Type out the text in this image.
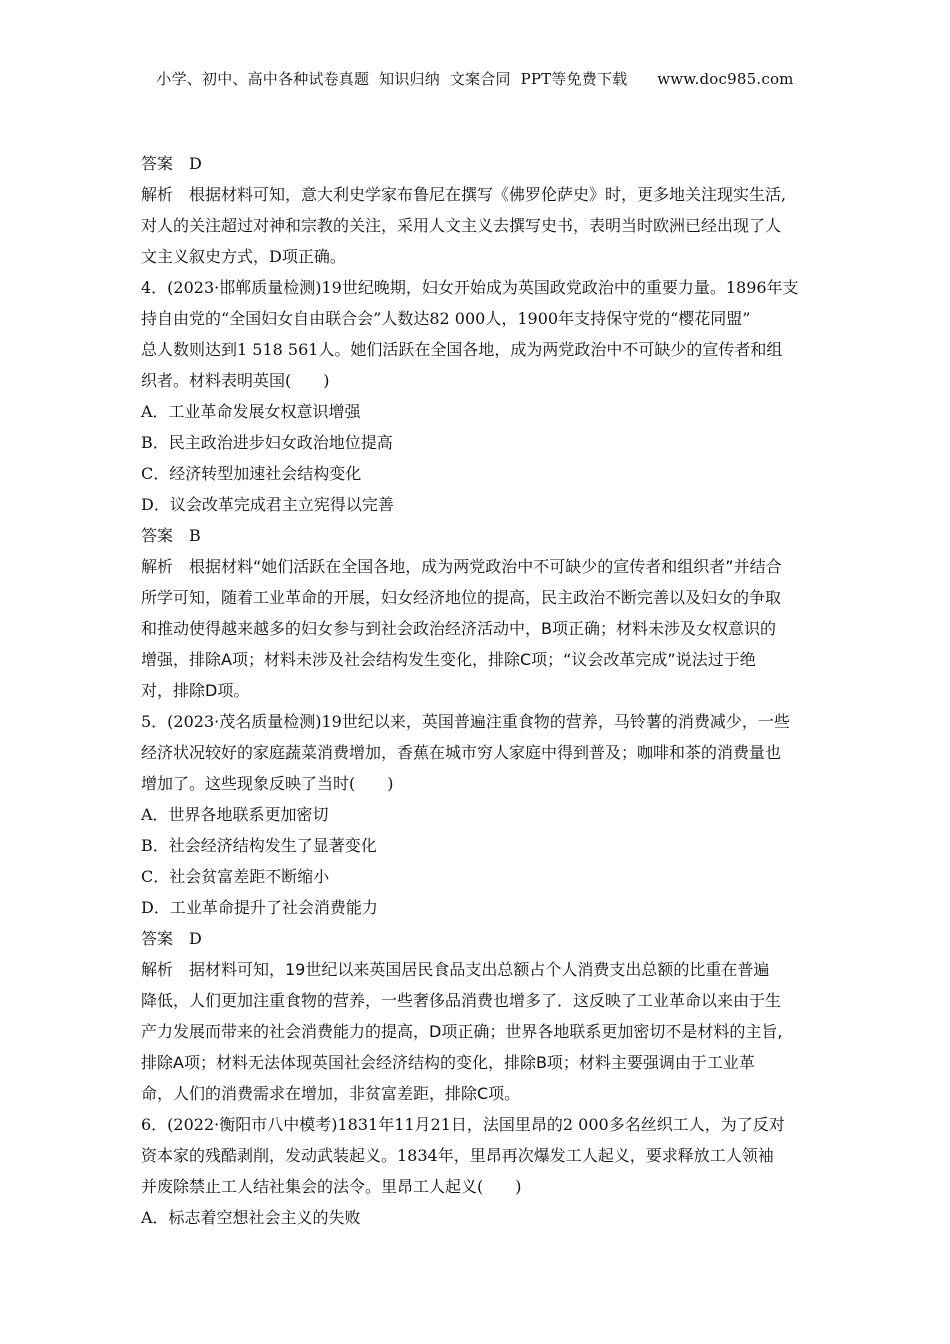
小学、初中、高中各种试卷真题  知识归纳  文案合同  PPT等免费下载      www.doc985.com
答案　D
解析　根据材料可知，意大利史学家布鲁尼在撰写《佛罗伦萨史》时，更多地关注现实生活,
对人的关注超过对神和宗教的关注，采用人文主义去撰写史书，表明当时欧洲已经出现了人
文主义叙史方式，D项正确。
4．(2023·邯郸质量检测)19世纪晚期，妇女开始成为英国政党政治中的重要力量。1896年支
持自由党的“全国妇女自由联合会”人数达82 000人，1900年支持保守党的“樱花同盟”
总人数则达到1 518 561人。她们活跃在全国各地，成为两党政治中不可缺少的宣传者和组
织者。材料表明英国(　　)
A．工业革命发展女权意识增强
B．民主政治进步妇女政治地位提高
C．经济转型加速社会结构变化
D．议会改革完成君主立宪得以完善
答案　B
解析　根据材料“她们活跃在全国各地，成为两党政治中不可缺少的宣传者和组织者”并结合
所学可知，随着工业革命的开展，妇女经济地位的提高，民主政治不断完善以及妇女的争取
和推动使得越来越多的妇女参与到社会政治经济活动中，B项正确；材料未涉及女权意识的
增强，排除A项；材料未涉及社会结构发生变化，排除C项；“议会改革完成”说法过于绝
对，排除D项。
5．(2023·茂名质量检测)19世纪以来，英国普遍注重食物的营养，马铃薯的消费减少，一些
经济状况较好的家庭蔬菜消费增加，香蕉在城市穷人家庭中得到普及；咖啡和茶的消费量也
增加了。这些现象反映了当时(　　)
A．世界各地联系更加密切
B．社会经济结构发生了显著变化
C．社会贫富差距不断缩小
D．工业革命提升了社会消费能力
答案　D
解析　据材料可知，19世纪以来英国居民食品支出总额占个人消费支出总额的比重在普遍
降低，人们更加注重食物的营养，一些奢侈品消费也增多了．这反映了工业革命以来由于生
产力发展而带来的社会消费能力的提高，D项正确；世界各地联系更加密切不是材料的主旨,
排除A项；材料无法体现英国社会经济结构的变化，排除B项；材料主要强调由于工业革
命，人们的消费需求在增加，非贫富差距，排除C项。
6．(2022·衡阳市八中模考)1831年11月21日，法国里昂的2 000多名丝织工人，为了反对
资本家的残酷剥削，发动武装起义。1834年，里昂再次爆发工人起义，要求释放工人领袖
并废除禁止工人结社集会的法令。里昂工人起义(　　)
A．标志着空想社会主义的失败
